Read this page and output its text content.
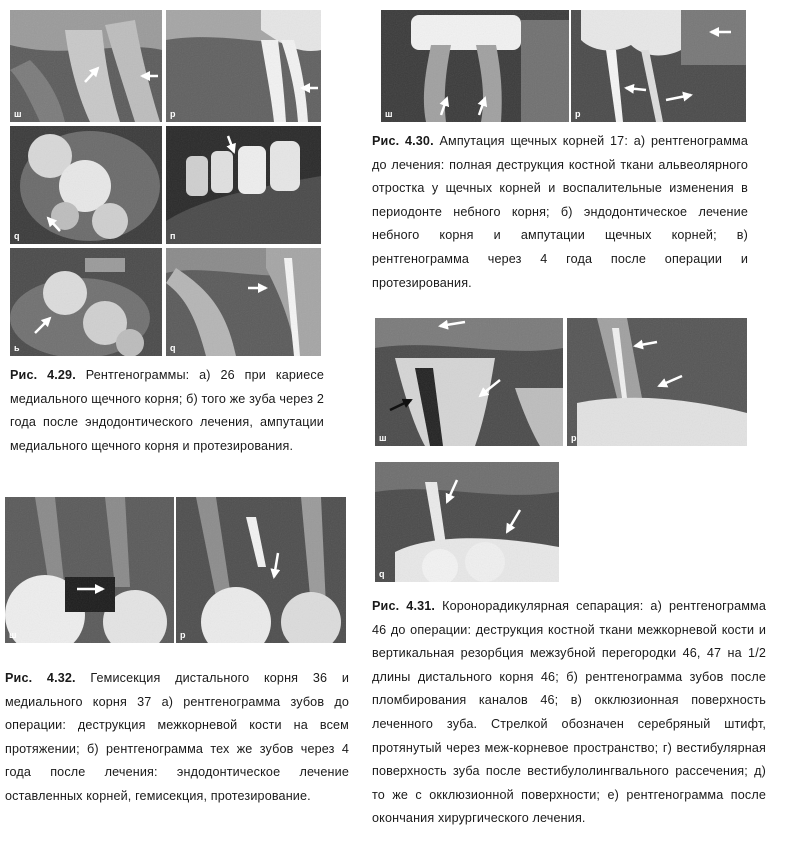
ш	р
q	п
ь	q

Рис. 4.29. Рентгенограммы: а) 26 при кариесе медиального щечного корня; б) того же зуба через 2 года после эндодонтического лечения, ампутации медиального щечного корня и протезирования.

ш	р

Рис. 4.30. Ампутация щечных корней 17: а) рентгенограмма до лечения: полная деструкция костной ткани альвеолярного отростка у щечных корней и воспалительные изменения в периодонте небного корня; б) эндодонтическое лечение небного корня и ампутации щечных корней; в) рентгенограмма через 4 года после операции и протезирования.

ш	р
q

Рис. 4.31. Коронорадикулярная сепарация: а) рентгенограмма 46 до операции: деструкция костной ткани межкорневой кости и вертикальная резорбция межзубной перегородки 46, 47 на 1/2 длины дистального корня 46; б) рентгенограмма зубов после пломбирования каналов 46; в) окклюзионная поверхность леченного зуба. Стрелкой обозначен серебряный штифт, протянутый через меж-корневое пространство; г) вестибулярная поверхность зуба после вестибулолингвального рассечения; д) то же с окклюзионной поверхности; е) рентгенограмма после окончания хирургического лечения.

ш	р

Рис. 4.32. Гемисекция дистального корня 36 и медиального корня 37 а) рентгенограмма зубов до операции: деструкция межкорневой кости на всем протяжении; б) рентгенограмма тех же зубов через 4 года после лечения: эндодонтическое лечение оставленных корней, гемисекция, протезирование.
